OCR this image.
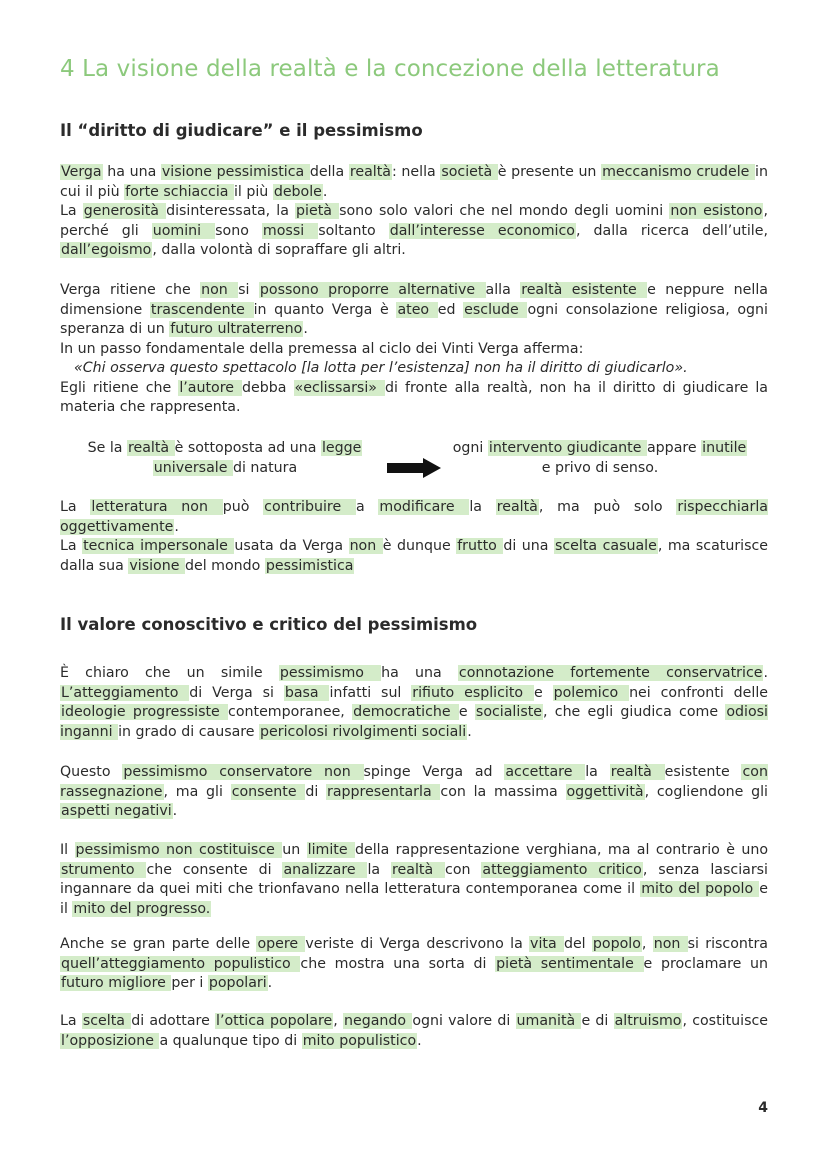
4 La visione della realtà e la concezione della letteratura
Il “diritto di giudicare” e il pessimismo

Verga ha una visione pessimistica della realtà: nella società è presente un meccanismo crudele in cui il più forte schiaccia il più debole.

La generosità disinteressata, la pietà sono solo valori che nel mondo degli uomini non esistono, perché gli uomini sono mossi soltanto dall’interesse economico, dalla ricerca dell’utile, dall’egoismo, dalla volontà di sopraffare gli altri.

Verga ritiene che non si possono proporre alternative alla realtà esistente e neppure nella dimensione trascendente in quanto Verga è ateo ed esclude ogni consolazione religiosa, ogni speranza di un futuro ultraterreno.

In un passo fondamentale della premessa al ciclo dei Vinti Verga afferma:

«Chi osserva questo spettacolo [la lotta per l’esistenza] non ha il diritto di giudicarlo».

Egli ritiene che l’autore debba «eclissarsi» di fronte alla realtà, non ha il diritto di giudicare la materia che rappresenta.

Se la realtà è sottoposta ad una legge
universale di natura
ogni intervento giudicante appare inutile
e privo di senso.

La letteratura non può contribuire a modificare la realtà, ma può solo rispecchiarla oggettivamente.

La tecnica impersonale usata da Verga non è dunque frutto di una scelta casuale, ma scaturisce dalla sua visione del mondo pessimistica

Il valore conoscitivo e critico del pessimismo

È chiaro che un simile pessimismo ha una connotazione fortemente conservatrice. L’atteggiamento di Verga si basa infatti sul rifiuto esplicito e polemico nei confronti delle ideologie progressiste contemporanee, democratiche e socialiste, che egli giudica come odiosi inganni in grado di causare pericolosi rivolgimenti sociali.

Questo pessimismo conservatore non spinge Verga ad accettare la realtà esistente con rassegnazione, ma gli consente di rappresentarla con la massima oggettività, cogliendone gli aspetti negativi.

Il pessimismo non costituisce un limite della rappresentazione verghiana, ma al contrario è uno strumento che consente di analizzare la realtà con atteggiamento critico, senza lasciarsi ingannare da quei miti che trionfavano nella letteratura contemporanea come il mito del popolo e il mito del progresso.

Anche se gran parte delle opere veriste di Verga descrivono la vita del popolo, non si riscontra quell’atteggiamento populistico che mostra una sorta di pietà sentimentale e proclamare un futuro migliore per i popolari.

La scelta di adottare l’ottica popolare, negando ogni valore di umanità e di altruismo, costituisce l’opposizione a qualunque tipo di mito populistico.

4
